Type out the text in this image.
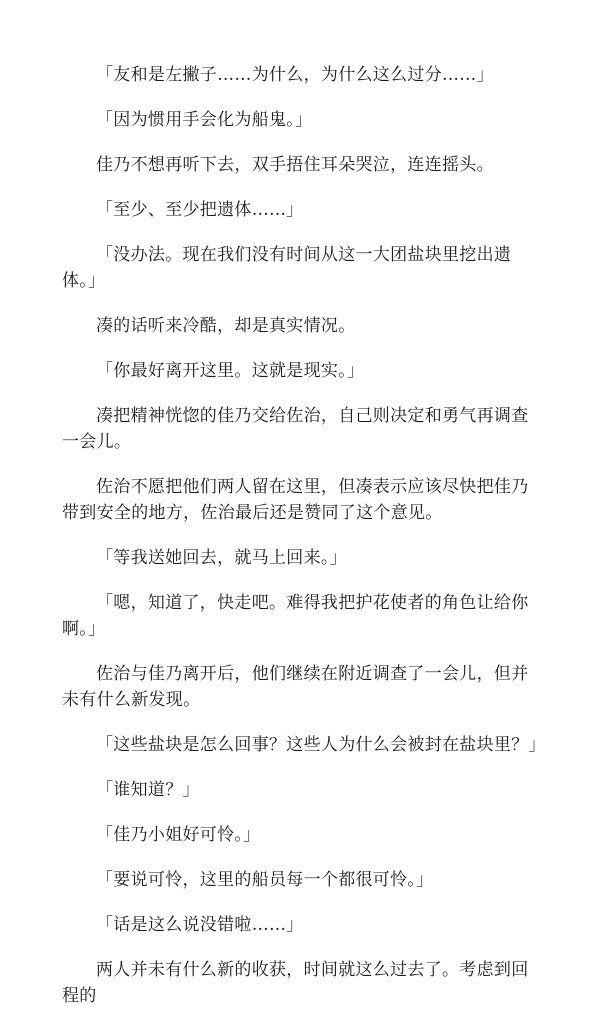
「友和是左撇子……为什么，为什么这么过分……」

「因为惯用手会化为船鬼。」

佳乃不想再听下去，双手捂住耳朵哭泣，连连摇头。

「至少、至少把遗体……」

「没办法。现在我们没有时间从这一大团盐块里挖出遗体。」

凑的话听来冷酷，却是真实情况。

「你最好离开这里。这就是现实。」

凑把精神恍惚的佳乃交给佐治，自己则决定和勇气再调查一会儿。

佐治不愿把他们两人留在这里，但凑表示应该尽快把佳乃带到安全的地方，佐治最后还是赞同了这个意见。

「等我送她回去，就马上回来。」

「嗯，知道了，快走吧。难得我把护花使者的角色让给你啊。」

佐治与佳乃离开后，他们继续在附近调查了一会儿，但并未有什么新发现。

「这些盐块是怎么回事？这些人为什么会被封在盐块里？」

「谁知道？」

「佳乃小姐好可怜。」

「要说可怜，这里的船员每一个都很可怜。」

「话是这么说没错啦……」

两人并未有什么新的收获，时间就这么过去了。考虑到回程的
